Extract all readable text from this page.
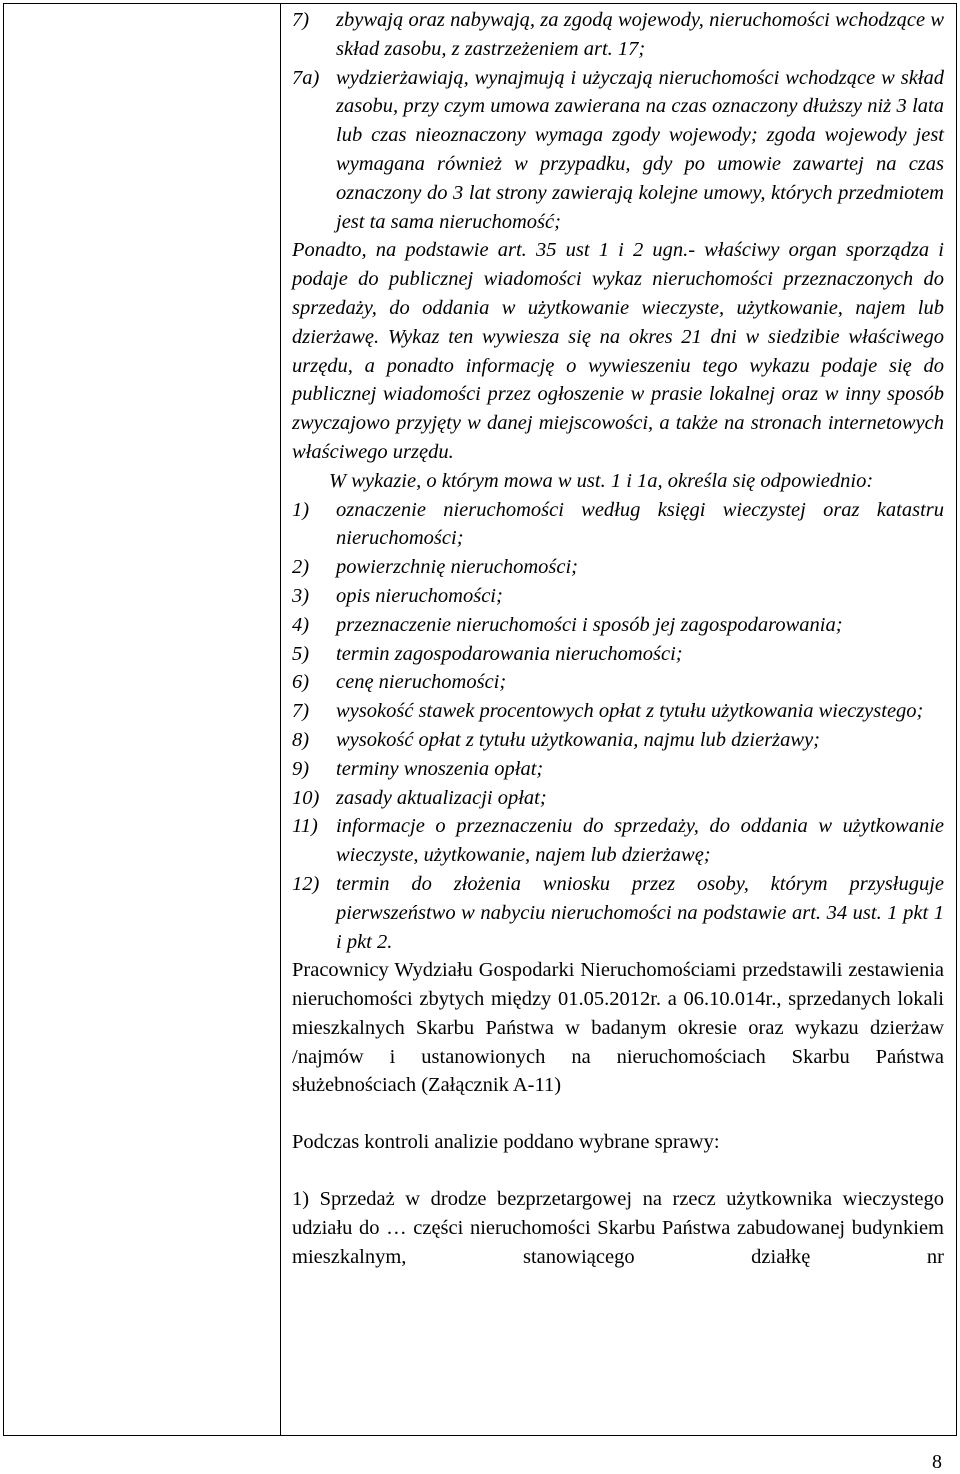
7)	zbywają oraz nabywają, za zgodą wojewody, nieruchomości wchodzące w skład zasobu, z zastrzeżeniem art. 17;
7a) wydzierżawiają, wynajmują i użyczają nieruchomości wchodzące w skład zasobu, przy czym umowa zawierana na czas oznaczony dłuższy niż 3 lata lub czas nieoznaczony wymaga zgody wojewody; zgoda wojewody jest wymagana również w przypadku, gdy po umowie zawartej na czas oznaczony do 3 lat strony zawierają kolejne umowy, których przedmiotem jest ta sama nieruchomość;

Ponadto, na podstawie art. 35 ust 1 i 2 ugn.- właściwy organ sporządza i podaje do publicznej wiadomości wykaz nieruchomości przeznaczonych do sprzedaży, do oddania w użytkowanie wieczyste, użytkowanie, najem lub dzierżawę. Wykaz ten wywiesza się na okres 21 dni w siedzibie właściwego urzędu, a ponadto informację o wywieszeniu tego wykazu podaje się do publicznej wiadomości przez ogłoszenie w prasie lokalnej oraz w inny sposób zwyczajowo przyjęty w danej miejscowości, a także na stronach internetowych właściwego urzędu.

W wykazie, o którym mowa w ust. 1 i 1a, określa się odpowiednio:

1)	oznaczenie nieruchomości według księgi wieczystej oraz katastru nieruchomości;
2)	powierzchnię nieruchomości;
3)	opis nieruchomości;
4)	przeznaczenie nieruchomości i sposób jej zagospodarowania;
5)	termin zagospodarowania nieruchomości;
6)	cenę nieruchomości;
7)	wysokość stawek procentowych opłat z tytułu użytkowania wieczystego;
8)	wysokość opłat z tytułu użytkowania, najmu lub dzierżawy;
9)	terminy wnoszenia opłat;
10) zasady aktualizacji opłat;
11) informacje o przeznaczeniu do sprzedaży, do oddania w użytkowanie wieczyste, użytkowanie, najem lub dzierżawę;
12) termin do złożenia wniosku przez osoby, którym przysługuje pierwszeństwo w nabyciu nieruchomości na podstawie art. 34 ust. 1 pkt 1 i pkt 2.

Pracownicy Wydziału Gospodarki Nieruchomościami przedstawili zestawienia nieruchomości zbytych między 01.05.2012r. a 06.10.014r., sprzedanych lokali mieszkalnych Skarbu Państwa w badanym okresie oraz wykazu dzierżaw /najmów i ustanowionych na nieruchomościach Skarbu Państwa służebnościach (Załącznik A-11)

Podczas kontroli analizie poddano wybrane sprawy:

1) Sprzedaż w drodze bezprzetargowej na rzecz użytkownika wieczystego udziału do … części nieruchomości Skarbu Państwa zabudowanej budynkiem mieszkalnym, stanowiącego działkę nr

8
